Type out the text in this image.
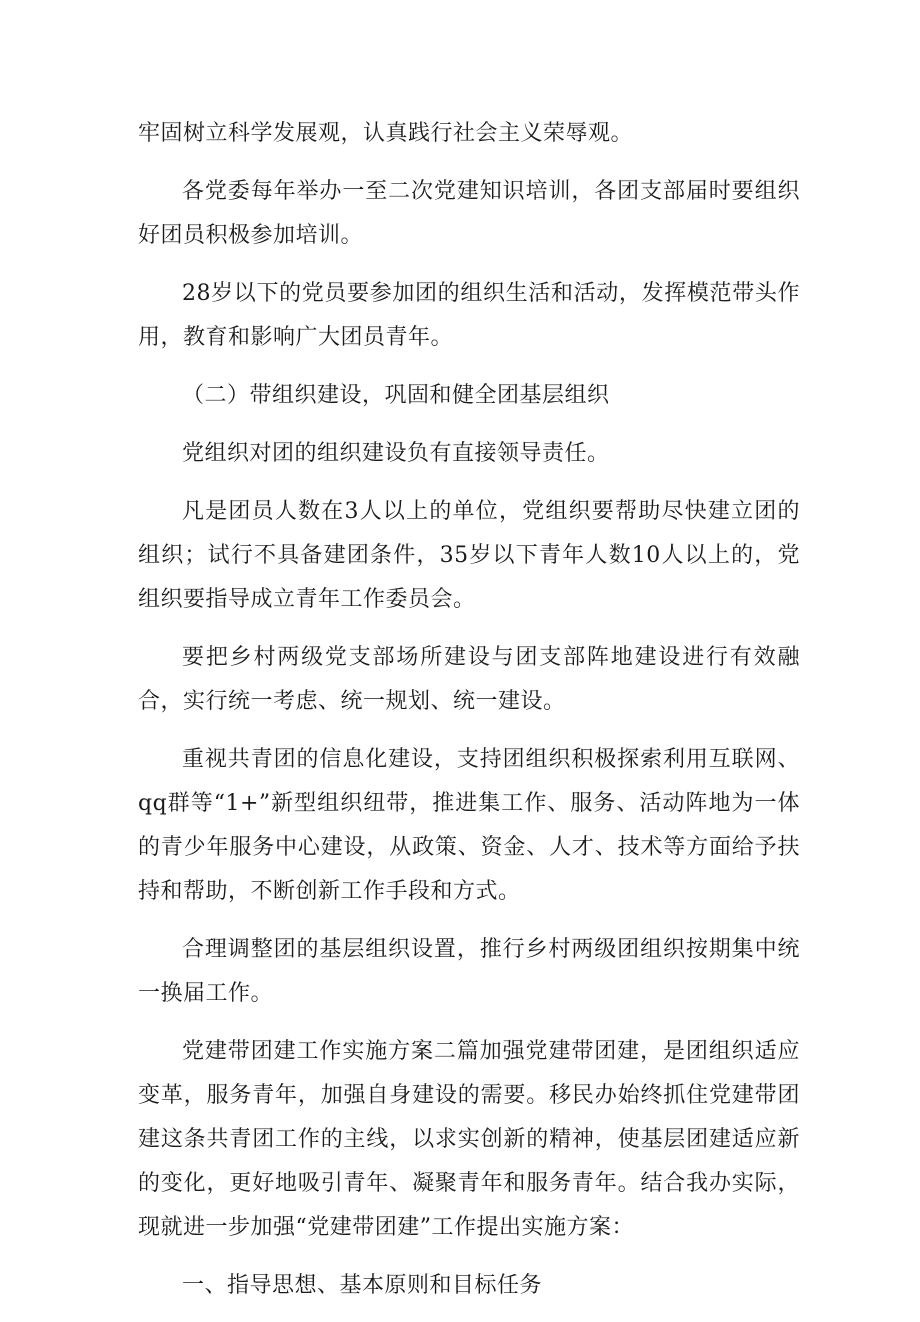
牢固树立科学发展观，认真践行社会主义荣辱观。

各党委每年举办一至二次党建知识培训，各团支部届时要组织好团员积极参加培训。

28岁以下的党员要参加团的组织生活和活动，发挥模范带头作用，教育和影响广大团员青年。

（二）带组织建设，巩固和健全团基层组织

党组织对团的组织建设负有直接领导责任。

凡是团员人数在3人以上的单位，党组织要帮助尽快建立团的组织；试行不具备建团条件，35岁以下青年人数10人以上的，党组织要指导成立青年工作委员会。

要把乡村两级党支部场所建设与团支部阵地建设进行有效融合，实行统一考虑、统一规划、统一建设。

重视共青团的信息化建设，支持团组织积极探索利用互联网、qq群等“1+”新型组织纽带，推进集工作、服务、活动阵地为一体的青少年服务中心建设，从政策、资金、人才、技术等方面给予扶持和帮助，不断创新工作手段和方式。

合理调整团的基层组织设置，推行乡村两级团组织按期集中统一换届工作。

党建带团建工作实施方案二篇加强党建带团建，是团组织适应变革，服务青年，加强自身建设的需要。移民办始终抓住党建带团建这条共青团工作的主线，以求实创新的精神，使基层团建适应新的变化，更好地吸引青年、凝聚青年和服务青年。结合我办实际，现就进一步加强“党建带团建”工作提出实施方案：

一、指导思想、基本原则和目标任务
